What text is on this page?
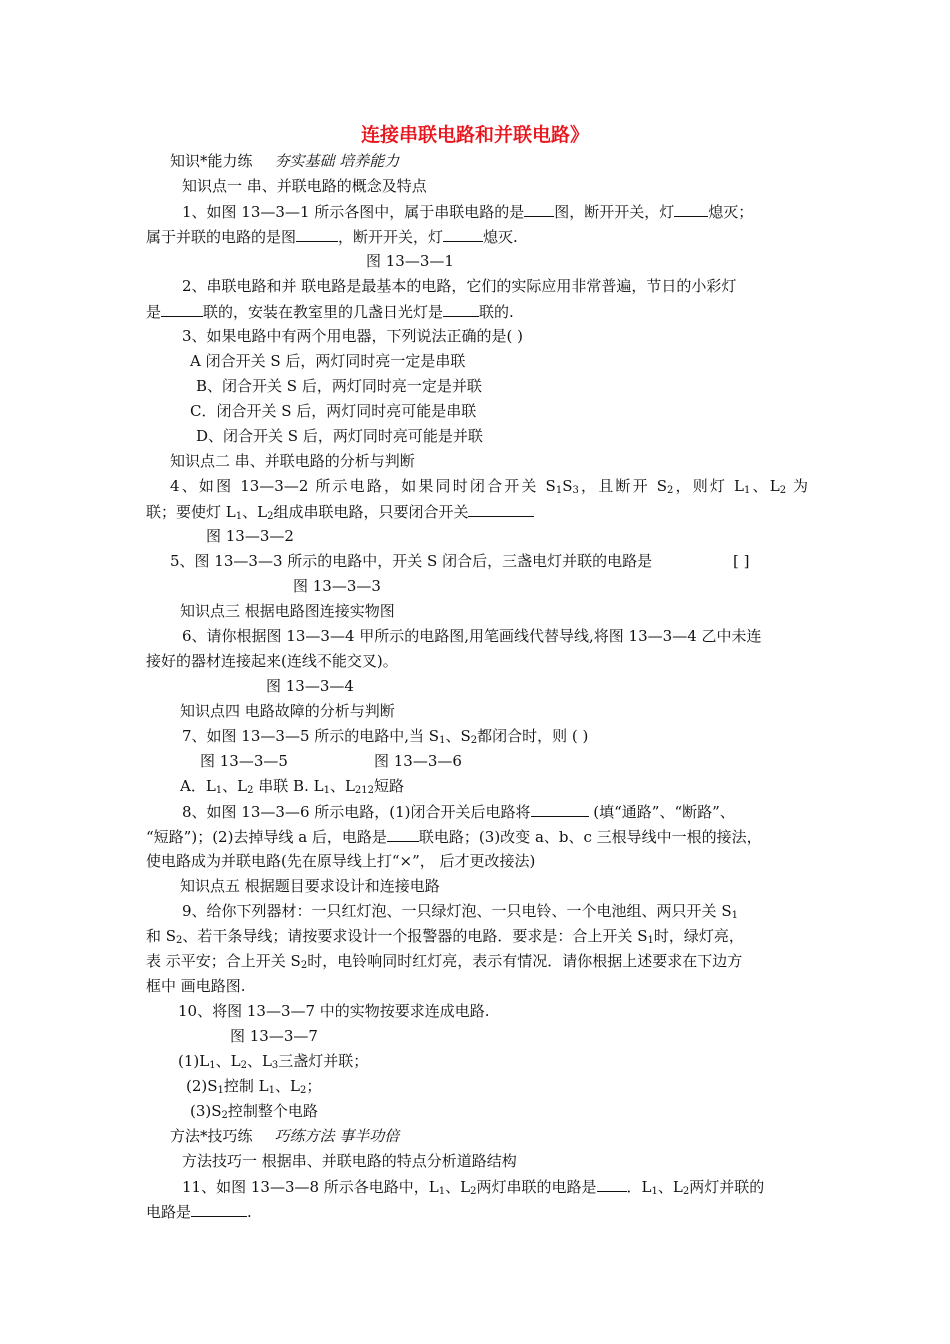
连接串联电路和并联电路》
知识*能力练 夯实基础 培养能力
知识点一 串、并联电路的概念及特点
1、如图 13—3—1 所示各图中，属于串联电路的是 图，断开开关，灯 熄灭；
属于并联的电路的是图	，断开开关，灯	熄灭.
图 13—3—1
2、串联电路和并 联电路是最基本的电路，它们的实际应用非常普遍，节日的小彩灯
是	联的，安装在教室里的几盏日光灯是 联的.
3、如果电路中有两个用电器，下列说法正确的是( )
A 闭合开关 S 后，两灯同时亮一定是串联
B、闭合开关 S 后，两灯同时亮一定是并联
C．闭合开关 S 后，两灯同时亮可能是串联
D、闭合开关 S 后，两灯同时亮可能是并联
知识点二 串、并联电路的分析与判断
4、如图 13—3—2 所示电路，如果同时闭合开关 $S_1S_3$，且断开 $S_2$，则灯 $L_1$、$L_2$ 为
联；要使灯 $L_1$、$L_2$组成串联电路，只要闭合开关
图 13—3—2
5、图 13—3—3 所示的电路中，开关 S 闭合后，三盏电灯并联的电路是	[ ]
图 13—3—3
知识点三 根据电路图连接实物图
6、请你根据图 13—3—4 甲所示的电路图,用笔画线代替导线,将图 13—3—4 乙中未连
接好的器材连接起来(连线不能交叉)。
图 13—3—4
知识点四 电路故障的分析与判断
7、如图 13—3—5 所示的电路中,当 $S_1$、$S_2$都闭合时，则 ( )
图 13—3—5	图 13—3—6
A．$L_1$、$L_2$ 串联 B. $L_1$、$L_{212}$短路
8、如图 13—3—6 所示电路，(1)闭合开关后电路将	(填“通路”、“断路”、
“短路”)；(2)去掉导线 a 后，电路是 联电路；(3)改变 a、b、c 三根导线中一根的接法，
使电路成为并联电路(先在原导线上打“×”， 后才更改接法)
知识点五 根据题目要求设计和连接电路
9、给你下列器材：一只红灯泡、一只绿灯泡、一只电铃、一个电池组、两只开关 $S_1$
和 $S_2$、若干条导线；请按要求设计一个报警器的电路．要求是：合上开关 $S_1$时，绿灯亮，
表 示平安；合上开关 $S_2$时，电铃响同时红灯亮，表示有情况．请你根据上述要求在下边方
框中 画电路图.
10、将图 13—3—7 中的实物按要求连成电路.
图 13—3—7
$(1)L_1$、$L_2$、$L_3$三盏灯并联；
$(2)S_1$控制 $L_1$、$L_2$；
$(3)S_2$控制整个电路
方法*技巧练 巧练方法 事半功倍
方法技巧一 根据串、并联电路的特点分析道路结构
11、如图 13—3—8 所示各电路中，$L_1$、$L_2$两灯串联的电路是 ．$L_1$、$L_2$两灯并联的
电路是	.
